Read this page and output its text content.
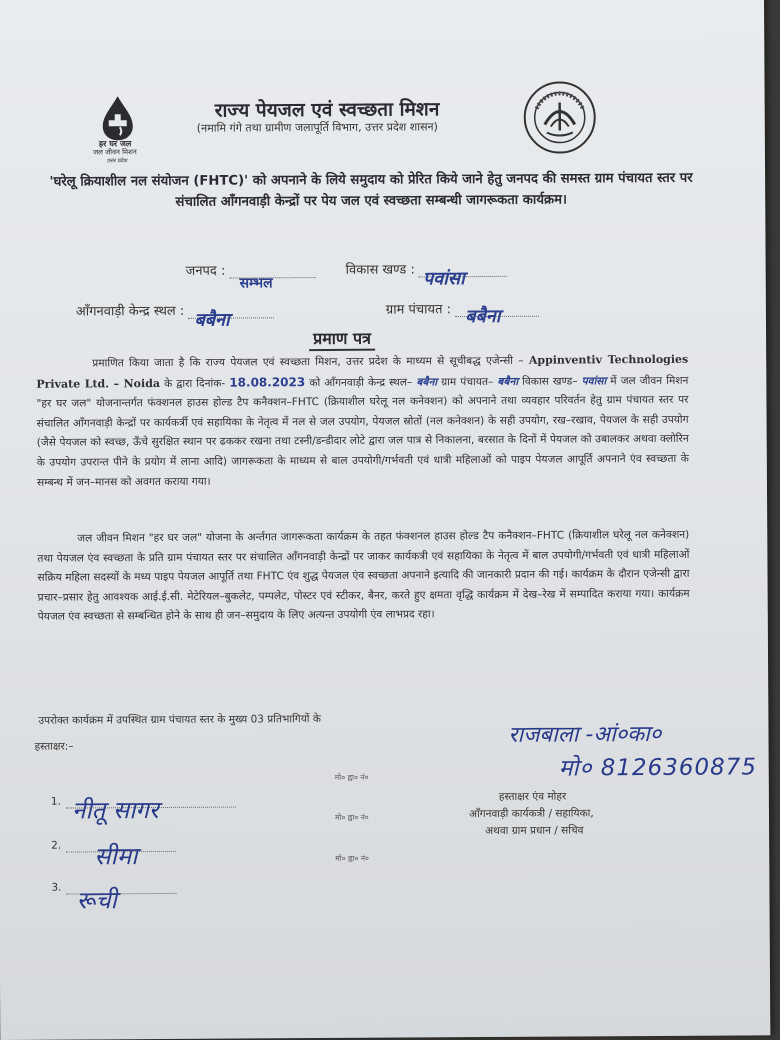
हर घर जल
जल जीवन मिशन
उत्तर प्रदेश
राज्य पेयजल एवं स्वच्छता मिशन
(नमामि गंगे तथा ग्रामीण जलापूर्ति विभाग, उत्तर प्रदेश शासन)
'घरेलू क्रियाशील नल संयोजन (FHTC)' को अपनाने के लिये समुदाय को प्रेरित किये जाने हेतु जनपद की समस्त ग्राम पंचायत स्तर पर संचालित आँगनवाड़ी केन्द्रों पर पेय जल एवं स्वच्छता सम्बन्धी जागरूकता कार्यक्रम।
जनपद :
सम्भल
विकास खण्ड : पवांसा
आँगनवाड़ी केन्द्र स्थल : बबैना	ग्राम पंचायत : बबैना
प्रमाण पत्र
प्रमाणित किया जाता है कि राज्य पेयजल एवं स्वच्छता मिशन, उत्तर प्रदेश के माध्यम से सूचीबद्ध एजेन्सी – Appinventiv Technologies Private Ltd. – Noida के द्वारा दिनांक- 18.08.2023 को आँगनवाड़ी केन्द्र स्थल– बबैना ग्राम पंचायत– बबैना विकास खण्ड– पवांसा में जल जीवन मिशन "हर घर जल" योजनान्तर्गत फंक्शनल हाउस होल्ड टैप कनैक्शन–FHTC (क्रियाशील घरेलू नल कनेक्शन) को अपनाने तथा व्यवहार परिवर्तन हेतु ग्राम पंचायत स्तर पर संचालित आँगनवाड़ी केन्द्रों पर कार्यकर्त्री एवं सहायिका के नेतृत्व में नल से जल उपयोग, पेयजल स्रोतों (नल कनेक्शन) के सही उपयोग, रख–रखाव, पेयजल के सही उपयोग (जैसे पेयजल को स्वच्छ, ऊँचे सुरक्षित स्थान पर ढककर रखना तथा टस्नी/डन्डीदार लोटे द्वारा जल पात्र से निकालना, बरसात के दिनों में पेयजल को उबालकर अथवा क्लोरिन के उपयोग उपरान्त पीने के प्रयोग में लाना आदि) जागरूकता के माध्यम से बाल उपयोगी/गर्भवती एवं धात्री महिलाओं को पाइप पेयजल आपूर्ति अपनाने एंव स्वच्छता के सम्बन्ध में जन–मानस को अवगत कराया गया।
जल जीवन मिशन "हर घर जल" योजना के अर्न्तगत जागरूकता कार्यक्रम के तहत फंक्शनल हाउस होल्ड टैप कनैक्शन–FHTC (क्रियाशील घरेलू नल कनेक्शन) तथा पेयजल एंव स्वच्छता के प्रति ग्राम पंचायत स्तर पर संचालित आँगनवाड़ी केन्द्रों पर जाकर कार्यकत्री एवं सहायिका के नेतृत्व में बाल उपयोगी/गर्भवती एवं धात्री महिलाओं सक्रिय महिला सदस्यों के मध्य पाइप पेयजल आपूर्ति तथा FHTC एंव शुद्ध पेयजल एंव स्वच्छता अपनाने इत्यादि की जानकारी प्रदान की गई। कार्यक्रम के दौरान एजेन्सी द्वारा प्रचार–प्रसार हेतु आवश्यक आई.ई.सी. मेटेरियल–बुकलेट, पम्पलेट, पोस्टर एवं स्टीकर, बैनर, करते हुए क्षमता वृद्धि कार्यक्रम में देख–रेख में सम्पादित कराया गया। कार्यक्रम पेयजल एंव स्वच्छता से सम्बन्धित होने के साथ ही जन–समुदाय के लिए अत्यन्त उपयोगी एंव लाभप्रद रहा।
उपरोक्त कार्यक्रम में उपस्थित ग्राम पंचायत स्तर के मुख्य 03 प्रतिभागियों के
हस्ताक्षर:–	राजबाला -आं०का०
मो० 8126360875
मो० ह्वा० नं०
मो० ह्वा० नं०
मो० ह्वा० नं०
1. नीतू सागर
2. सीमा
3. रूची
हस्ताक्षर एंव मोहर
आँगनवाड़ी कार्यकत्री / सहायिका,
अथवा ग्राम प्रधान / सचिव
